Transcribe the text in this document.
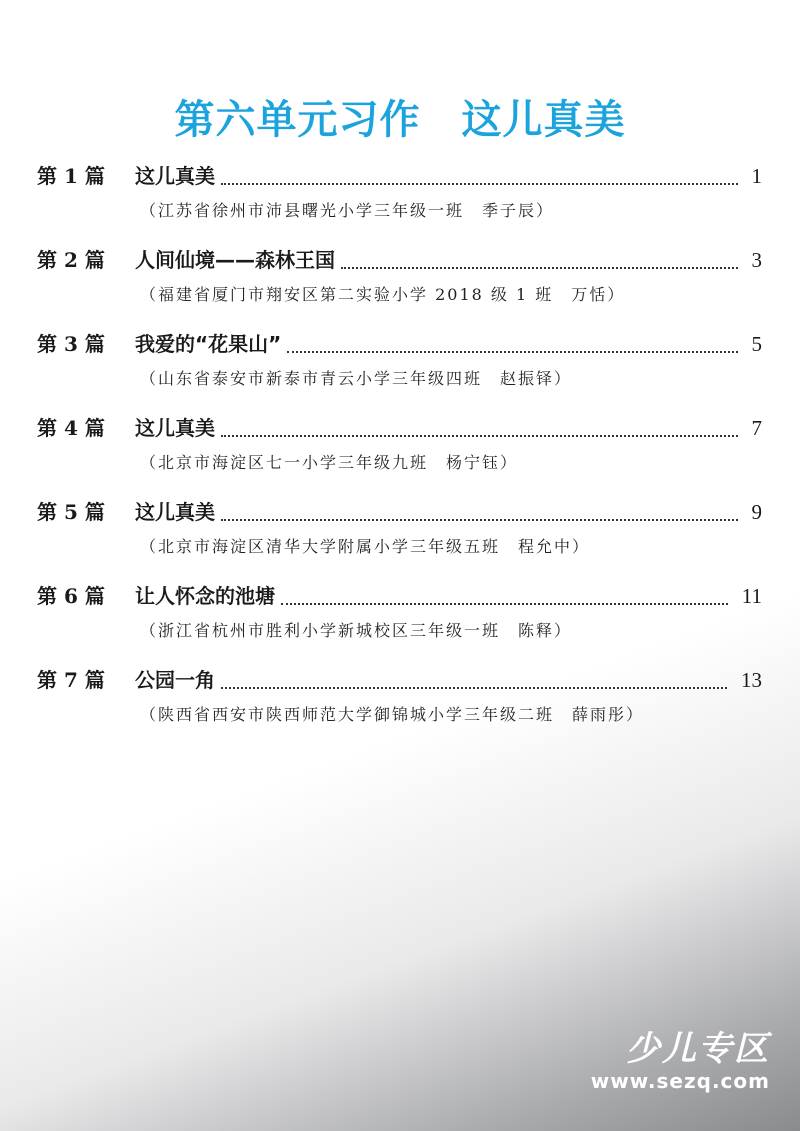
第六单元习作　这儿真美
第 1 篇	这儿真美	1
（江苏省徐州市沛县曙光小学三年级一班　季子辰）
第 2 篇	人间仙境——森林王国	3
（福建省厦门市翔安区第二实验小学 2018 级 1 班　万恬）
第 3 篇	我爱的“花果山”	5
（山东省泰安市新泰市青云小学三年级四班　赵振铎）
第 4 篇	这儿真美	7
（北京市海淀区七一小学三年级九班　杨宁钰）
第 5 篇	这儿真美	9
（北京市海淀区清华大学附属小学三年级五班　程允中）
第 6 篇	让人怀念的池塘	11
（浙江省杭州市胜利小学新城校区三年级一班　陈释）
第 7 篇	公园一角	13
（陕西省西安市陕西师范大学御锦城小学三年级二班　薛雨彤）
少儿专区
www.sezq.com
